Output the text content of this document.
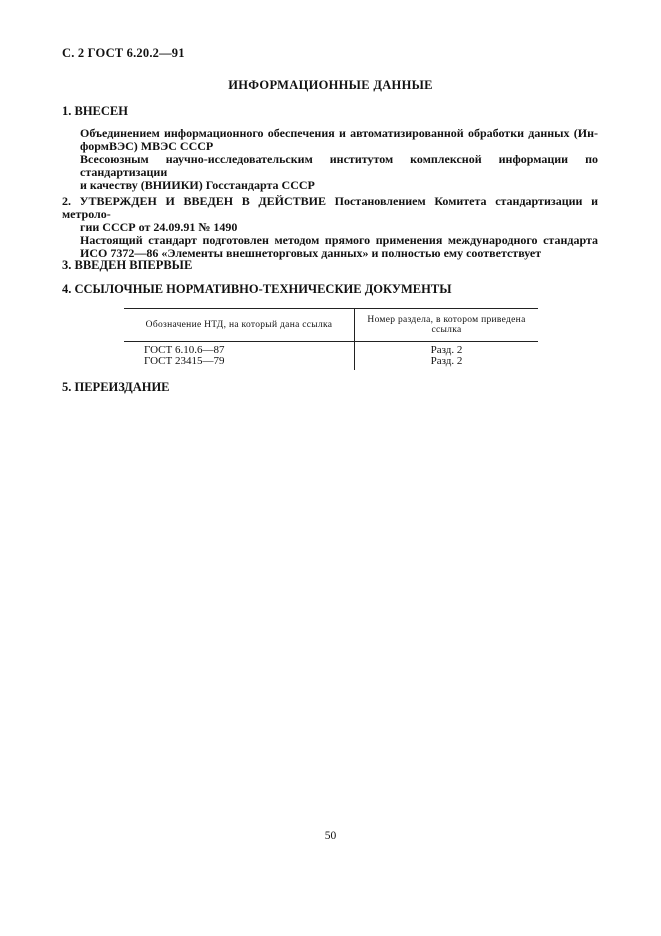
С. 2 ГОСТ 6.20.2—91
ИНФОРМАЦИОННЫЕ ДАННЫЕ
1. ВНЕСЕН
Объединением информационного обеспечения и автоматизированной обработки данных (Ин-
формВЭС) МВЭС СССР
Всесоюзным научно-исследовательским институтом комплексной информации по стандартизации
и качеству (ВНИИКИ) Госстандарта СССР
2. УТВЕРЖДЕН И ВВЕДЕН В ДЕЙСТВИЕ Постановлением Комитета стандартизации и метроло-
гии СССР от 24.09.91 № 1490
Настоящий стандарт подготовлен методом прямого применения международного стандарта
ИСО 7372—86 «Элементы внешнеторговых данных» и полностью ему соответствует
3. ВВЕДЕН ВПЕРВЫЕ
4. ССЫЛОЧНЫЕ НОРМАТИВНО-ТЕХНИЧЕСКИЕ ДОКУМЕНТЫ
Обозначение НТД, на который дана ссылка	Номер раздела, в котором приведена
ссылка

ГОСТ 6.10.6—87	Разд. 2
ГОСТ 23415—79	Разд. 2
5. ПЕРЕИЗДАНИЕ
50
